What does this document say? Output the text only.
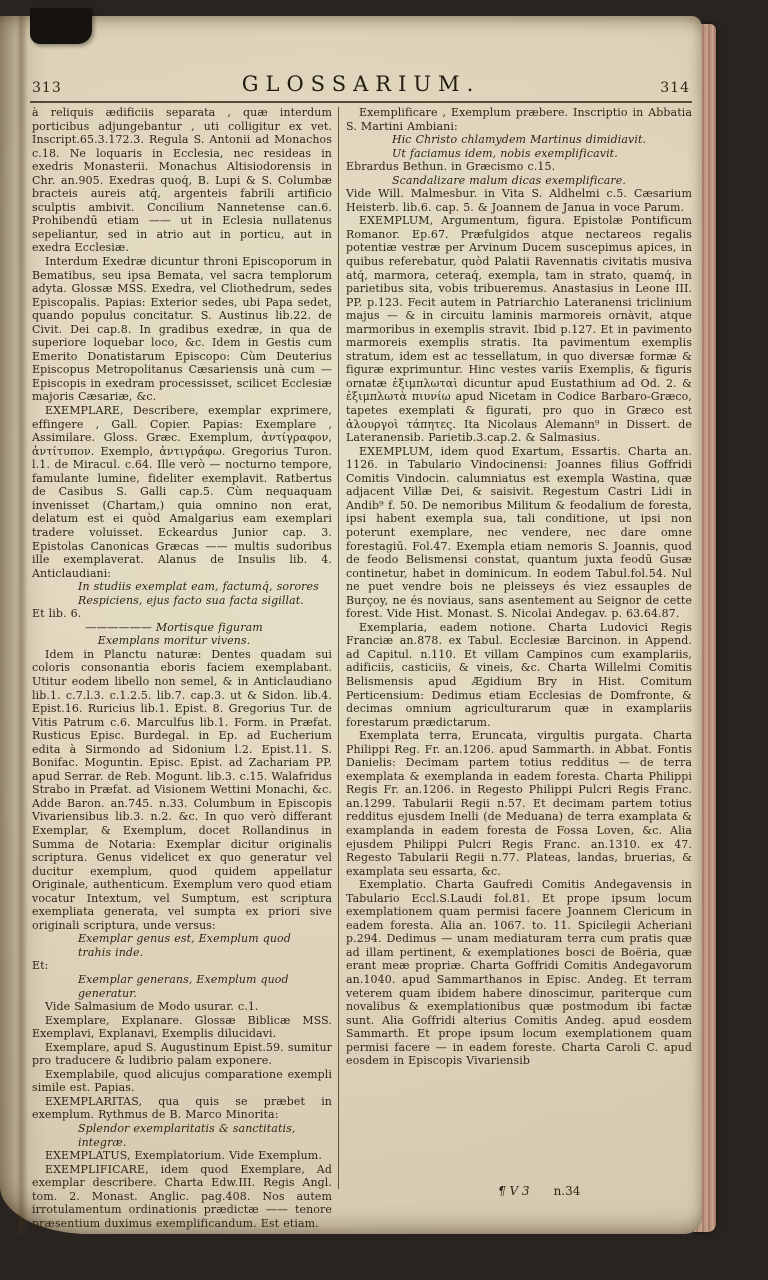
313	GLOSSARIUM.	314

à reliquis ædificiis separata , quæ interdum porticibus adjungebantur , uti colligitur ex vet. Inscript.65.3.172.3. Regula S. Antonii ad Monachos c.18. Ne loquaris in Ecclesia, nec resideas in exedris Monasterii. Monachus Altisiodorensis in Chr. an.905. Exedras quoq́, B. Lupi & S. Columbæ bracteis aureis atq́, argenteis fabrili artificio sculptis ambivit. Concilium Nannetense can.6. Prohibendū etiam —— ut in Eclesia nullatenus sepeliantur, sed in atrio aut in porticu, aut in exedra Ecclesiæ.

Interdum Exedræ dicuntur throni Episcoporum in Bematibus, seu ipsa Bemata, vel sacra templorum adyta. Glossæ MSS. Exedra, vel Cliothedrum, sedes Episcopalis. Papias: Exterior sedes, ubi Papa sedet, quando populus concitatur. S. Austinus lib.22. de Civit. Dei cap.8. In gradibus exedræ, in qua de superiore loquebar loco, &c. Idem in Gestis cum Emerito Donatistarum Episcopo: Cùm Deuterius Episcopus Metropolitanus Cæsariensis unà cum — Episcopis in exedram processisset, scilicet Ecclesiæ majoris Cæsariæ, &c.

EXEMPLARE, Describere, exemplar exprimere, effingere , Gall. Copier. Papias: Exemplare , Assimilare. Gloss. Græc. Exemplum, ἀντίγραφον, ἀντίτυπον. Exemplo, ἀντιγράφω. Gregorius Turon. l.1. de Miracul. c.64. Ille verò — nocturno tempore, famulante lumine, fideliter exemplavit. Ratbertus de Casibus S. Galli cap.5. Cùm nequaquam invenisset (Chartam,) quia omnino non erat, delatum est ei quòd Amalgarius eam exemplari tradere voluisset. Eckeardus Junior cap. 3. Epistolas Canonicas Græcas —— multis sudoribus ille exemplaverat. Alanus de Insulis lib. 4. Anticlaudiani:

In studiis exemplat eam, factumq́, sorores
Respiciens, ejus facto sua facta sigillat.

Et lib. 6.

—————— Mortisque figuram
Exemplans moritur vivens.

Idem in Planctu naturæ: Dentes quadam sui coloris consonantia eboris faciem exemplabant. Utitur eodem libello non semel, & in Anticlaudiano lib.1. c.7.l.3. c.1.2.5. lib.7. cap.3. ut & Sidon. lib.4. Epist.16. Ruricius lib.1. Epist. 8. Gregorius Tur. de Vitis Patrum c.6. Marculfus lib.1. Form. in Præfat. Rusticus Episc. Burdegal. in Ep. ad Eucherium edita à Sirmondo ad Sidonium l.2. Epist.11. S. Bonifac. Moguntin. Episc. Epist. ad Zachariam PP. apud Serrar. de Reb. Mogunt. lib.3. c.15. Walafridus Strabo in Præfat. ad Visionem Wettini Monachi, &c. Adde Baron. an.745. n.33. Columbum in Episcopis Vivariensibus lib.3. n.2. &c. In quo verò differant Exemplar, & Exemplum, docet Rollandinus in Summa de Notaria: Exemplar dicitur originalis scriptura. Genus videlicet ex quo generatur vel ducitur exemplum, quod quidem appellatur Originale, authenticum. Exemplum vero quod etiam vocatur Intextum, vel Sumptum, est scriptura exempliata generata, vel sumpta ex priori sive originali scriptura, unde versus:

Exemplar genus est, Exemplum quod trahis inde.

Et:

Exemplar generans, Exemplum quod generatur.

Vide Salmasium de Modo usurar. c.1.

Exemplare, Explanare. Glossæ Biblicæ MSS. Exemplavi, Explanavi, Exemplis dilucidavi.

Exemplare, apud S. Augustinum Epist.59. sumitur pro traducere & ludibrio palam exponere.

Exemplabile, quod alicujus comparatione exempli simile est. Papias.

EXEMPLARITAS, qua quis se præbet in exemplum. Rythmus de B. Marco Minorita:

Splendor exemplaritatis & sanctitatis, integræ.

EXEMPLATUS, Exemplatorium. Vide Exemplum.

EXEMPLIFICARE, idem quod Exemplare, Ad exemplar describere. Charta Edw.III. Regis Angl. tom. 2. Monast. Anglic. pag.408. Nos autem irrotulamentum ordinationis prædictæ —— tenore præsentium duximus exemplificandum. Est etiam.

Exemplificare , Exemplum præbere. Inscriptio in Abbatia S. Martini Ambiani:

Hic Christo chlamydem Martinus dimidiavit.
Ut faciamus idem, nobis exemplificavit.

Ebrardus Bethun. in Græcismo c.15.

Scandalizare malum dicas exemplificare.

Vide Will. Malmesbur. in Vita S. Aldhelmi c.5. Cæsarium Heisterb. lib.6. cap. 5. & Joannem de Janua in voce Parum.

EXEMPLUM, Argumentum, figura. Epistolæ Pontificum Romanor. Ep.67. Præfulgidos atque nectareos regalis potentiæ vestræ per Arvinum Ducem suscepimus apices, in quibus referebatur, quòd Palatii Ravennatis civitatis musiva atq́, marmora, ceteraq́, exempla, tam in strato, quamq́, in parietibus sita, vobis tribueremus. Anastasius in Leone III. PP. p.123. Fecit autem in Patriarchio Lateranensi triclinium majus — & in circuitu laminis marmoreis ornàvit, atque marmoribus in exemplis stravit. Ibid p.127. Et in pavimento marmoreis exemplis stratis. Ita pavimentum exemplis stratum, idem est ac tessellatum, in quo diversæ formæ & figuræ exprimuntur. Hinc vestes variis Exemplis, & figuris ornatæ ἐξιμπλωταὶ dicuntur apud Eustathium ad Od. 2. & ἐξιμπλωτὰ πιυνίω apud Nicetam in Codice Barbaro-Græco, tapetes exemplati & figurati, pro quo in Græco est ἀλουργοὶ τάπητες. Ita Nicolaus Alemann⁹ in Dissert. de Lateranensib. Parietib.3.cap.2. & Salmasius.

EXEMPLUM, idem quod Exartum, Essartis. Charta an. 1126. in Tabulario Vindocinensi: Joannes filius Goffridi Comitis Vindocin. calumniatus est exempla Wastina, quæ adjacent Villæ Dei, & saisivit. Regestum Castri Lidi in Andib⁹ f. 50. De nemoribus Militum & feodalium de foresta, ipsi habent exempla sua, tali conditione, ut ipsi non poterunt exemplare, nec vendere, nec dare omne forestagiū. Fol.47. Exempla etiam nemoris S. Joannis, quod de feodo Belismensi constat, quantum juxta feodū Gusæ continetur, habet in dominicum. In eodem Tabul.fol.54. Nul ne puet vendre bois ne pleisseys és viez essauples de Burçoy, ne és noviaus, sans asentement au Seignor de cette forest. Vide Hist. Monast. S. Nicolai Andegav. p. 63.64.87.

Exemplaria, eadem notione. Charta Ludovici Regis Franciæ an.878. ex Tabul. Ecclesiæ Barcinon. in Append. ad Capitul. n.110. Et villam Campinos cum examplariis, adificiis, casticiis, & vineis, &c. Charta Willelmi Comitis Belismensis apud Ægidium Bry in Hist. Comitum Perticensium: Dedimus etiam Ecclesias de Domfronte, & decimas omnium agriculturarum quæ in examplariis forestarum prædictarum.

Exemplata terra, Eruncata, virgultis purgata. Charta Philippi Reg. Fr. an.1206. apud Sammarth. in Abbat. Fontis Danielis: Decimam partem totius redditus — de terra exemplata & exemplanda in eadem foresta. Charta Philippi Regis Fr. an.1206. in Regesto Philippi Pulcri Regis Franc. an.1299. Tabularii Regii n.57. Et decimam partem totius redditus ejusdem Inelli (de Meduana) de terra examplata & examplanda in eadem foresta de Fossa Loven, &c. Alia ejusdem Philippi Pulcri Regis Franc. an.1310. ex 47. Regesto Tabularii Regii n.77. Plateas, landas, bruerias, & examplata seu essarta, &c.

Exemplatio. Charta Gaufredi Comitis Andegavensis in Tabulario Eccl.S.Laudi fol.81. Et prope ipsum locum exemplationem quam permisi facere Joannem Clericum in eadem foresta. Alia an. 1067. to. 11. Spicilegii Acheriani p.294. Dedimus — unam mediaturam terra cum pratis quæ ad illam pertinent, & exemplationes bosci de Boëria, quæ erant meæ propriæ. Charta Goffridi Comitis Andegavorum an.1040. apud Sammarthanos in Episc. Andeg. Et terram veterem quam ibidem habere dinoscimur, pariterque cum novalibus & exemplationibus quæ postmodum ibi factæ sunt. Alia Goffridi alterius Comitis Andeg. apud eosdem Sammarth. Et prope ipsum locum exemplationem quam permisi facere — in eadem foreste. Charta Caroli C. apud eosdem in Episcopis Vivariensib

¶ V 3 n.34
